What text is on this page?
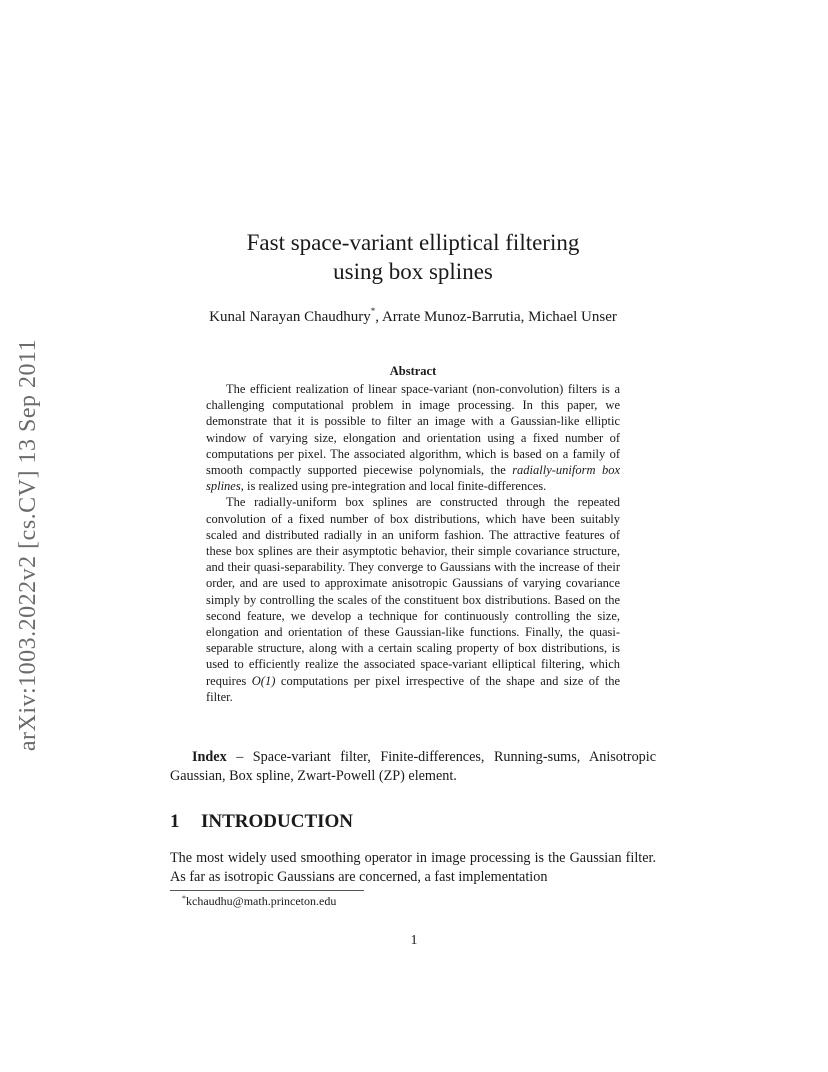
arXiv:1003.2022v2 [cs.CV] 13 Sep 2011
Fast space-variant elliptical filtering
using box splines
Kunal Narayan Chaudhury*, Arrate Munoz-Barrutia, Michael Unser
Abstract

The efficient realization of linear space-variant (non-convolution) filters is a challenging computational problem in image processing. In this paper, we demonstrate that it is possible to filter an image with a Gaussian-like elliptic window of varying size, elongation and orientation using a fixed number of computations per pixel. The associated algorithm, which is based on a family of smooth compactly supported piecewise polynomials, the radially-uniform box splines, is realized using pre-integration and local finite-differences.

The radially-uniform box splines are constructed through the repeated convolution of a fixed number of box distributions, which have been suitably scaled and distributed radially in an uniform fashion. The attractive features of these box splines are their asymptotic behavior, their simple covariance structure, and their quasi-separability. They converge to Gaussians with the increase of their order, and are used to approximate anisotropic Gaussians of varying covariance simply by controlling the scales of the constituent box distributions. Based on the second feature, we develop a technique for continuously controlling the size, elongation and orientation of these Gaussian-like functions. Finally, the quasi-separable structure, along with a certain scaling property of box distributions, is used to efficiently realize the associated space-variant elliptical filtering, which requires O(1) computations per pixel irrespective of the shape and size of the filter.

Index – Space-variant filter, Finite-differences, Running-sums, Anisotropic Gaussian, Box spline, Zwart-Powell (ZP) element.
1 INTRODUCTION
The most widely used smoothing operator in image processing is the Gaussian filter. As far as isotropic Gaussians are concerned, a fast implementation
*kchaudhu@math.princeton.edu
1
